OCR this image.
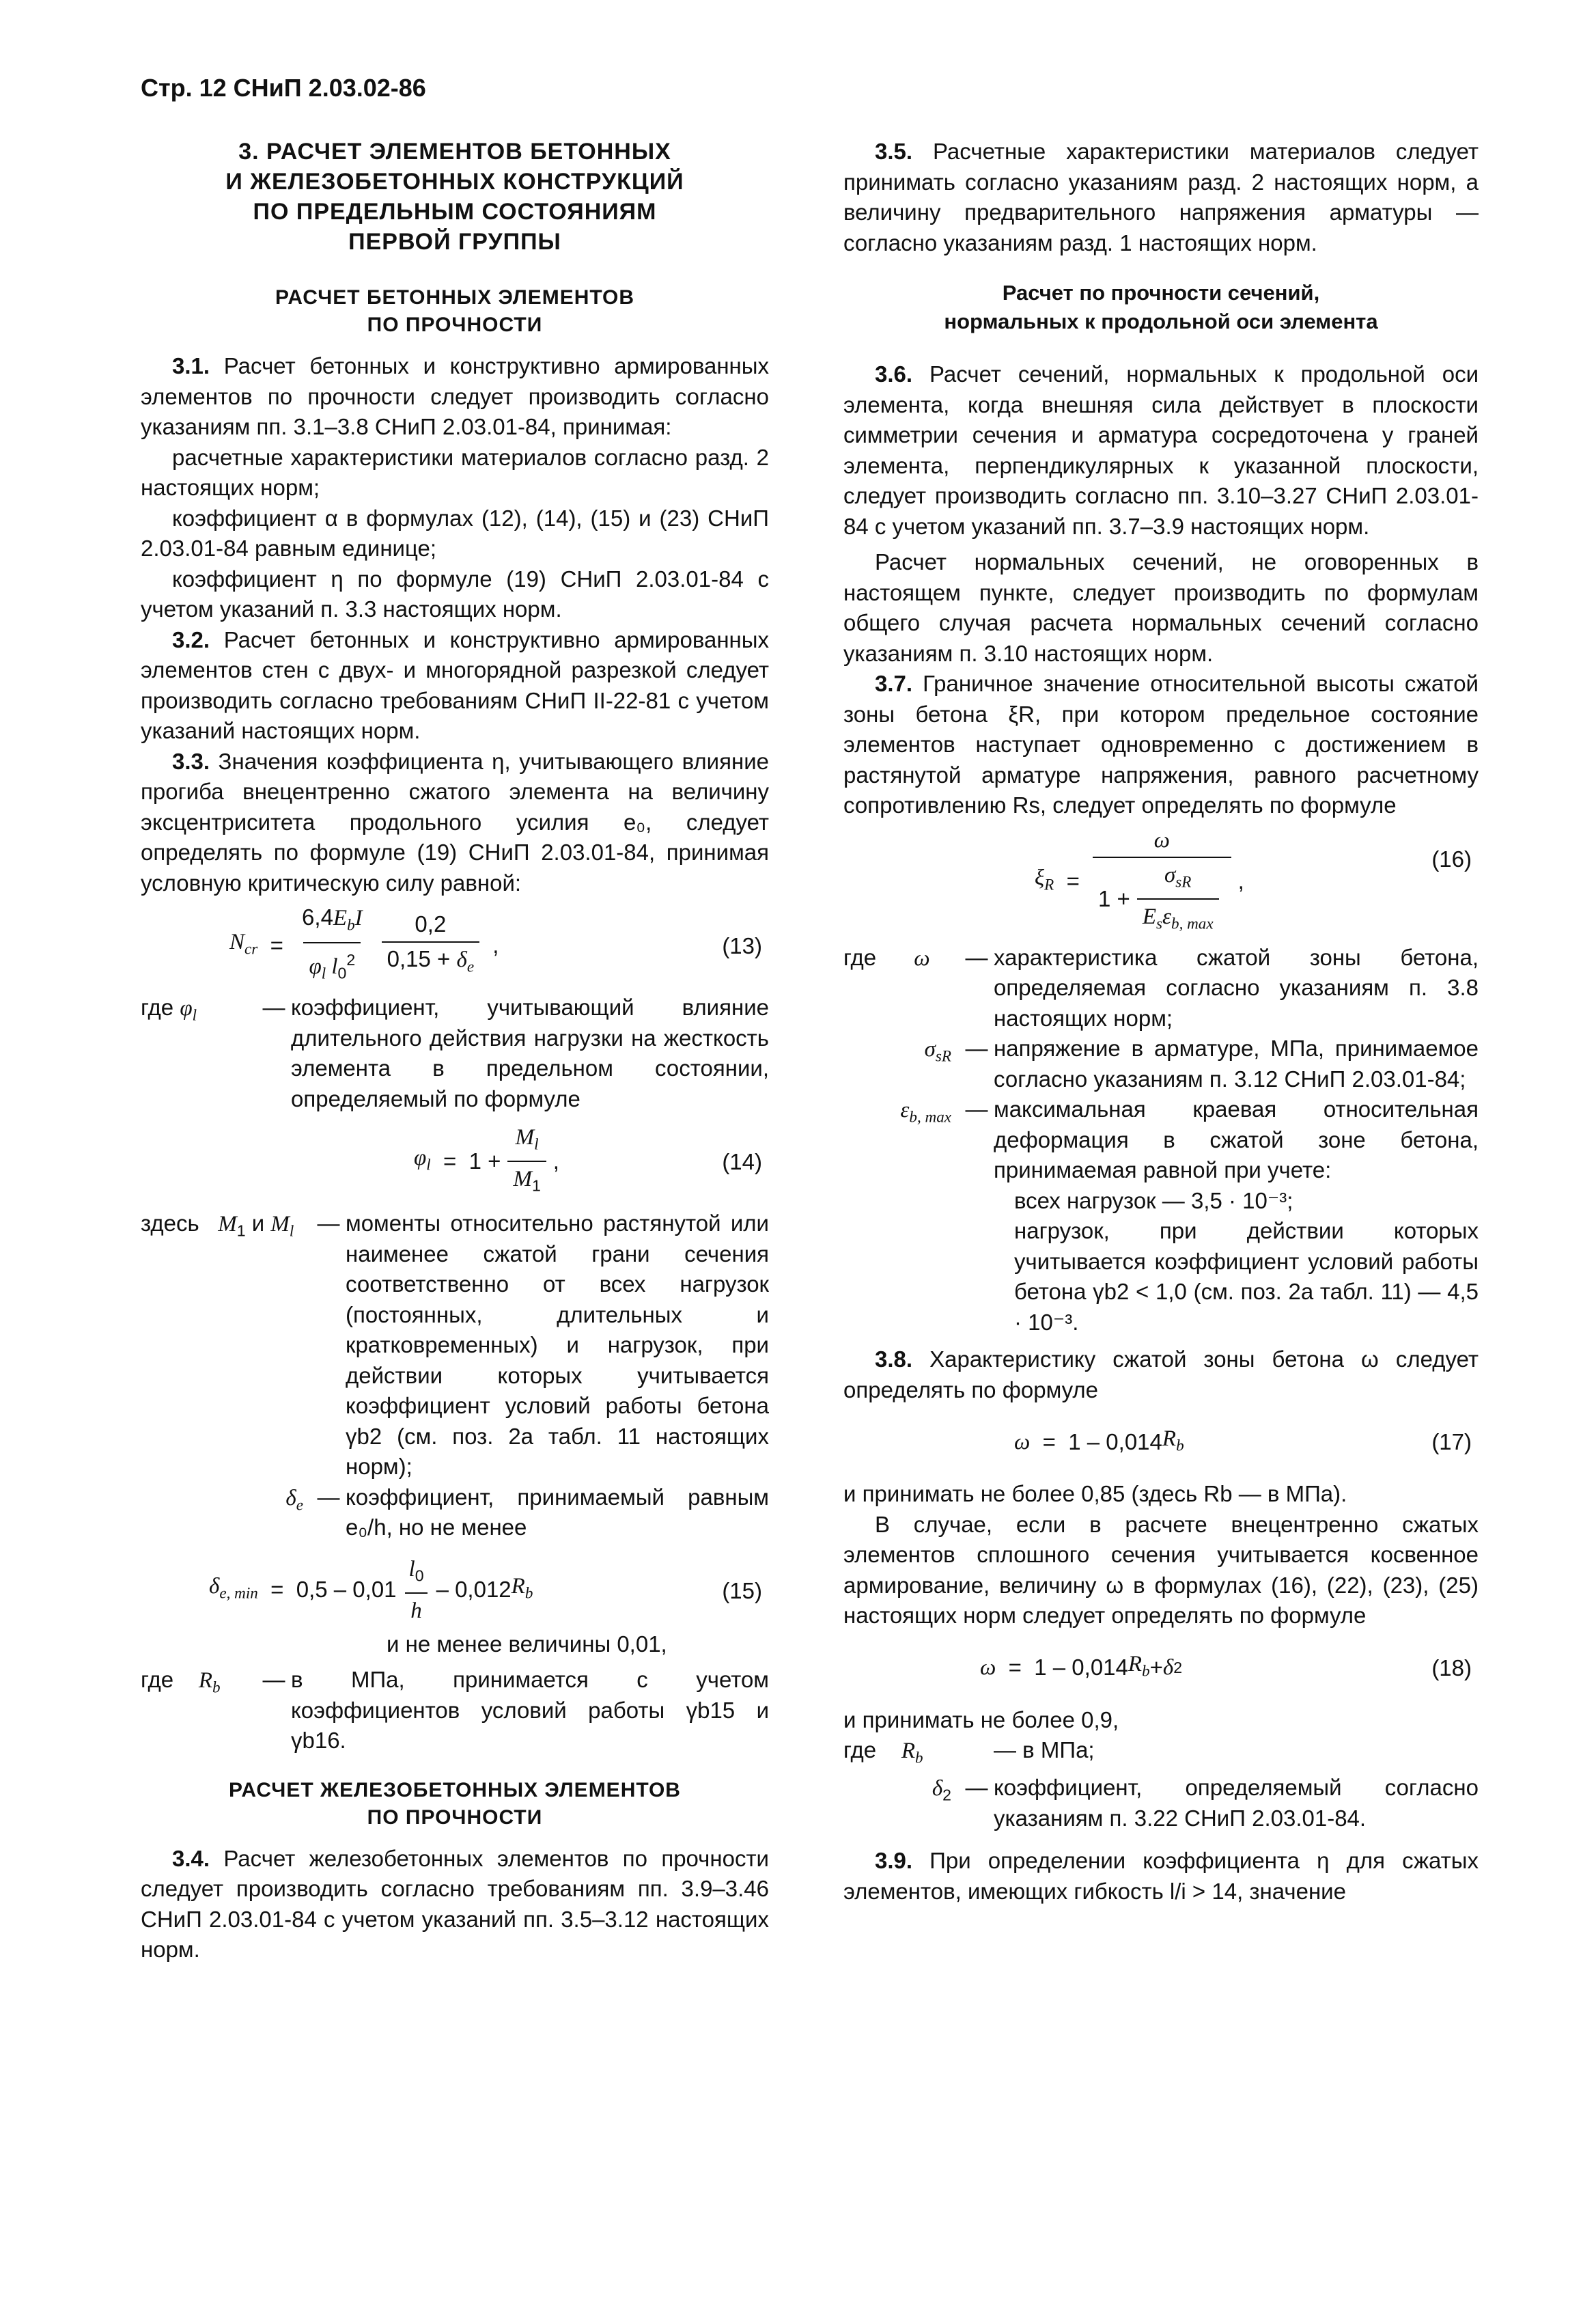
Стр. 12 СНиП 2.03.02-86
3. РАСЧЕТ ЭЛЕМЕНТОВ БЕТОННЫХ
И ЖЕЛЕЗОБЕТОННЫХ КОНСТРУКЦИЙ
ПО ПРЕДЕЛЬНЫМ СОСТОЯНИЯМ
ПЕРВОЙ ГРУППЫ
РАСЧЕТ БЕТОННЫХ ЭЛЕМЕНТОВ
ПО ПРОЧНОСТИ

3.1. Расчет бетонных и конструктивно армированных элементов по прочности следует производить согласно указаниям пп. 3.1–3.8 СНиП 2.03.01-84, принимая:

расчетные характеристики материалов согласно разд. 2 настоящих норм;

коэффициент α в формулах (12), (14), (15) и (23) СНиП 2.03.01-84 равным единице;

коэффициент η по формуле (19) СНиП 2.03.01-84 с учетом указаний п. 3.3 настоящих норм.

3.2. Расчет бетонных и конструктивно армированных элементов стен с двух- и многорядной разрезкой следует производить согласно требованиям СНиП II-22-81 с учетом указаний настоящих норм.

3.3. Значения коэффициента η, учитывающего влияние прогиба внецентренно сжатого элемента на величину эксцентриситета продольного усилия e₀, следует определять по формуле (19) СНиП 2.03.01-84, принимая условную критическую силу равной:

$N_{cr} = \frac{6,4E_bI}{\varphi_l l_0^2} \frac{0,2}{0,15 + \delta_e}$ ,	(13)
где $\varphi_l$	— коэффициент, учитывающий влияние длительного действия нагрузки на жесткость элемента в предельном состоянии, определяемый по формуле
$\varphi_l = 1 + \frac{M_l}{M_1}$ ,	(14)
здесь $M_1$ и $M_l$	— моменты относительно растянутой или наименее сжатой грани сечения соответственно от всех нагрузок (постоянных, длительных и кратковременных) и нагрузок, при действии которых учитывается коэффициент условий работы бетона γb2 (см. поз. 2а табл. 11 настоящих норм);
$\delta_e$ — коэффициент, принимаемый равным e₀/h, но не менее
$\delta_{e, min} = 0,5 - 0,01 \frac{l_0}{h} - 0,012$ $R_b$	(15)

и не менее величины 0,01,

где $R_b$	— в МПа, принимается с учетом коэффициентов условий работы γb15 и γb16.
РАСЧЕТ ЖЕЛЕЗОБЕТОННЫХ ЭЛЕМЕНТОВ
ПО ПРОЧНОСТИ

3.4. Расчет железобетонных элементов по прочности следует производить согласно требованиям пп. 3.9–3.46 СНиП 2.03.01-84 с учетом указаний пп. 3.5–3.12 настоящих норм.

3.5. Расчетные характеристики материалов следует принимать согласно указаниям разд. 2 настоящих норм, а величину предварительного напряжения арматуры — согласно указаниям разд. 1 настоящих норм.

Расчет по прочности сечений,
нормальных к продольной оси элемента

3.6. Расчет сечений, нормальных к продольной оси элемента, когда внешняя сила действует в плоскости симметрии сечения и арматура сосредоточена у граней элемента, перпендикулярных к указанной плоскости, следует производить согласно пп. 3.10–3.27 СНиП 2.03.01-84 с учетом указаний пп. 3.7–3.9 настоящих норм.

Расчет нормальных сечений, не оговоренных в настоящем пункте, следует производить по формулам общего случая расчета нормальных сечений согласно указаниям п. 3.10 настоящих норм.

3.7. Граничное значение относительной высоты сжатой зоны бетона ξR, при котором предельное состояние элементов наступает одновременно с достижением в растянутой арматуре напряжения, равного расчетному сопротивлению Rs, следует определять по формуле

$\xi_R = \frac{\omega}{1 + \frac{\sigma_{sR}}{E_s\varepsilon_{b, max}}}$ ,
(16)
где ω	— характеристика сжатой зоны бетона, определяемая согласно указаниям п. 3.8 настоящих норм;
$\sigma_{sR}$ — напряжение в арматуре, МПа, принимаемое согласно указаниям п. 3.12 СНиП 2.03.01-84;
$\varepsilon_{b, max}$ — максимальная краевая относительная деформация в сжатой зоне бетона, принимаемая равной при учете:
всех нагрузок — 3,5 · 10⁻³;
нагрузок, при действии которых учитывается коэффициент условий работы бетона γb2 < 1,0 (см. поз. 2а табл. 11) — 4,5 · 10⁻³.

3.8. Характеристику сжатой зоны бетона ω следует определять по формуле

ω =  1 – 0,014 $R_b$	(17)

и принимать не более 0,85 (здесь Rb — в МПа).

В случае, если в расчете внецентренно сжатых элементов сплошного сечения учитывается косвенное армирование, величину ω в формулах (16), (22), (23), (25) настоящих норм следует определять по формуле

ω =  1 – 0,014 $R_b + \delta$ 2	(18)

и принимать не более 0,9,

где $R_b$	— в МПа;
$\delta_2$ — коэффициент, определяемый согласно указаниям п. 3.22 СНиП 2.03.01-84.

3.9. При определении коэффициента η для сжатых элементов, имеющих гибкость l/i > 14, значение
